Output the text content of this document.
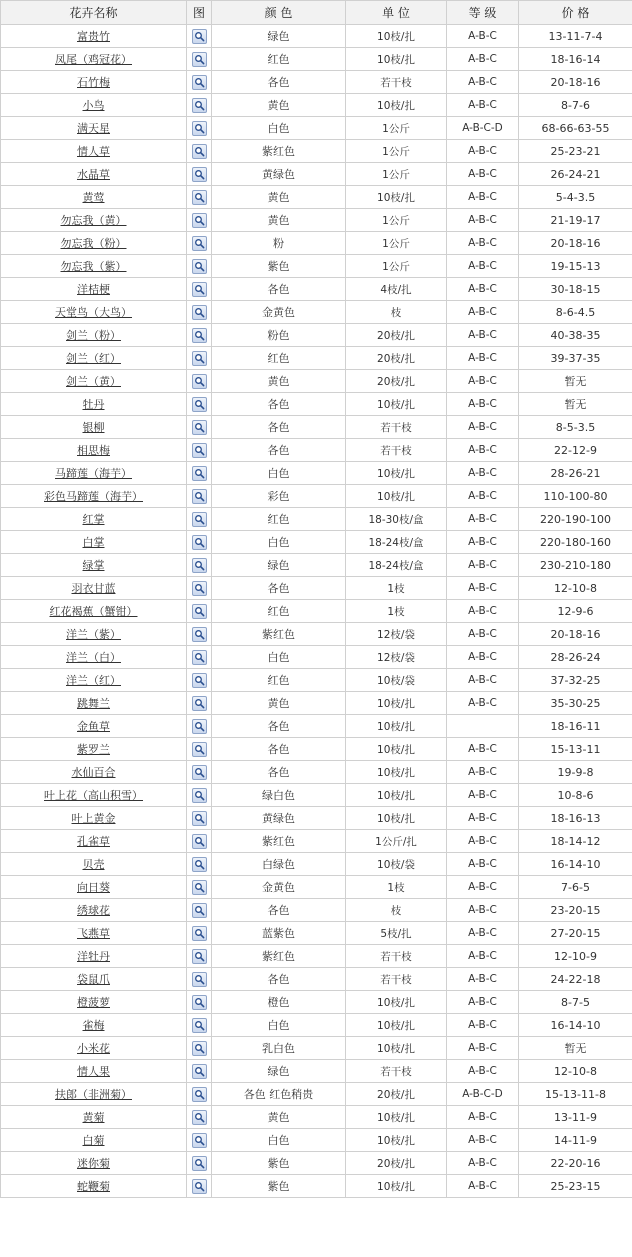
花卉名称	图	颜 色	单 位	等 级	价 格
富贵竹		绿色	10枝/扎	A-B-C	13-11-7-4
凤尾（鸡冠花）		红色	10枝/扎	A-B-C	18-16-14
石竹梅		各色	若干枝	A-B-C	20-18-16
小鸟		黄色	10枝/扎	A-B-C	8-7-6
满天星		白色	1公斤	A-B-C-D	68-66-63-55
情人草		紫红色	1公斤	A-B-C	25-23-21
水晶草		黄绿色	1公斤	A-B-C	26-24-21
黄莺		黄色	10枝/扎	A-B-C	5-4-3.5
勿忘我（黄）		黄色	1公斤	A-B-C	21-19-17
勿忘我（粉）		粉	1公斤	A-B-C	20-18-16
勿忘我（紫）		紫色	1公斤	A-B-C	19-15-13
洋桔梗		各色	4枝/扎	A-B-C	30-18-15
天堂鸟（大鸟）		金黄色	枝	A-B-C	8-6-4.5
剑兰（粉）		粉色	20枝/扎	A-B-C	40-38-35
剑兰（红）		红色	20枝/扎	A-B-C	39-37-35
剑兰（黄）		黄色	20枝/扎	A-B-C	暂无
牡丹		各色	10枝/扎	A-B-C	暂无
银柳		各色	若干枝	A-B-C	8-5-3.5
相思梅		各色	若干枝	A-B-C	22-12-9
马蹄莲（海芋）		白色	10枝/扎	A-B-C	28-26-21
彩色马蹄莲（海芋）		彩色	10枝/扎	A-B-C	110-100-80
红掌		红色	18-30枝/盒	A-B-C	220-190-100
白掌		白色	18-24枝/盒	A-B-C	220-180-160
绿掌		绿色	18-24枝/盒	A-B-C	230-210-180
羽衣甘蓝		各色	1枝	A-B-C	12-10-8
红花褐蕉（蟹钳）		红色	1枝	A-B-C	12-9-6
洋兰（紫）		紫红色	12枝/袋	A-B-C	20-18-16
洋兰（白）		白色	12枝/袋	A-B-C	28-26-24
洋兰（红）		红色	10枝/袋	A-B-C	37-32-25
跳舞兰		黄色	10枝/扎	A-B-C	35-30-25
金鱼草		各色	10枝/扎		18-16-11
紫罗兰		各色	10枝/扎	A-B-C	15-13-11
水仙百合		各色	10枝/扎	A-B-C	19-9-8
叶上花（高山积雪）		绿白色	10枝/扎	A-B-C	10-8-6
叶上黄金		黄绿色	10枝/扎	A-B-C	18-16-13
孔雀草		紫红色	1公斤/扎	A-B-C	18-14-12
贝壳		白绿色	10枝/袋	A-B-C	16-14-10
向日葵		金黄色	1枝	A-B-C	7-6-5
绣球花		各色	枝	A-B-C	23-20-15
飞燕草		蓝紫色	5枝/扎	A-B-C	27-20-15
洋牡丹		紫红色	若干枝	A-B-C	12-10-9
袋鼠爪		各色	若干枝	A-B-C	24-22-18
橙菠萝		橙色	10枝/扎	A-B-C	8-7-5
雀梅		白色	10枝/扎	A-B-C	16-14-10
小米花		乳白色	10枝/扎	A-B-C	暂无
情人果		绿色	若干枝	A-B-C	12-10-8
扶郎（非洲菊）		各色 红色稍贵	20枝/扎	A-B-C-D	15-13-11-8
黄菊		黄色	10枝/扎	A-B-C	13-11-9
白菊		白色	10枝/扎	A-B-C	14-11-9
迷你菊		紫色	20枝/扎	A-B-C	22-20-16
蛇鞭菊		紫色	10枝/扎	A-B-C	25-23-15
